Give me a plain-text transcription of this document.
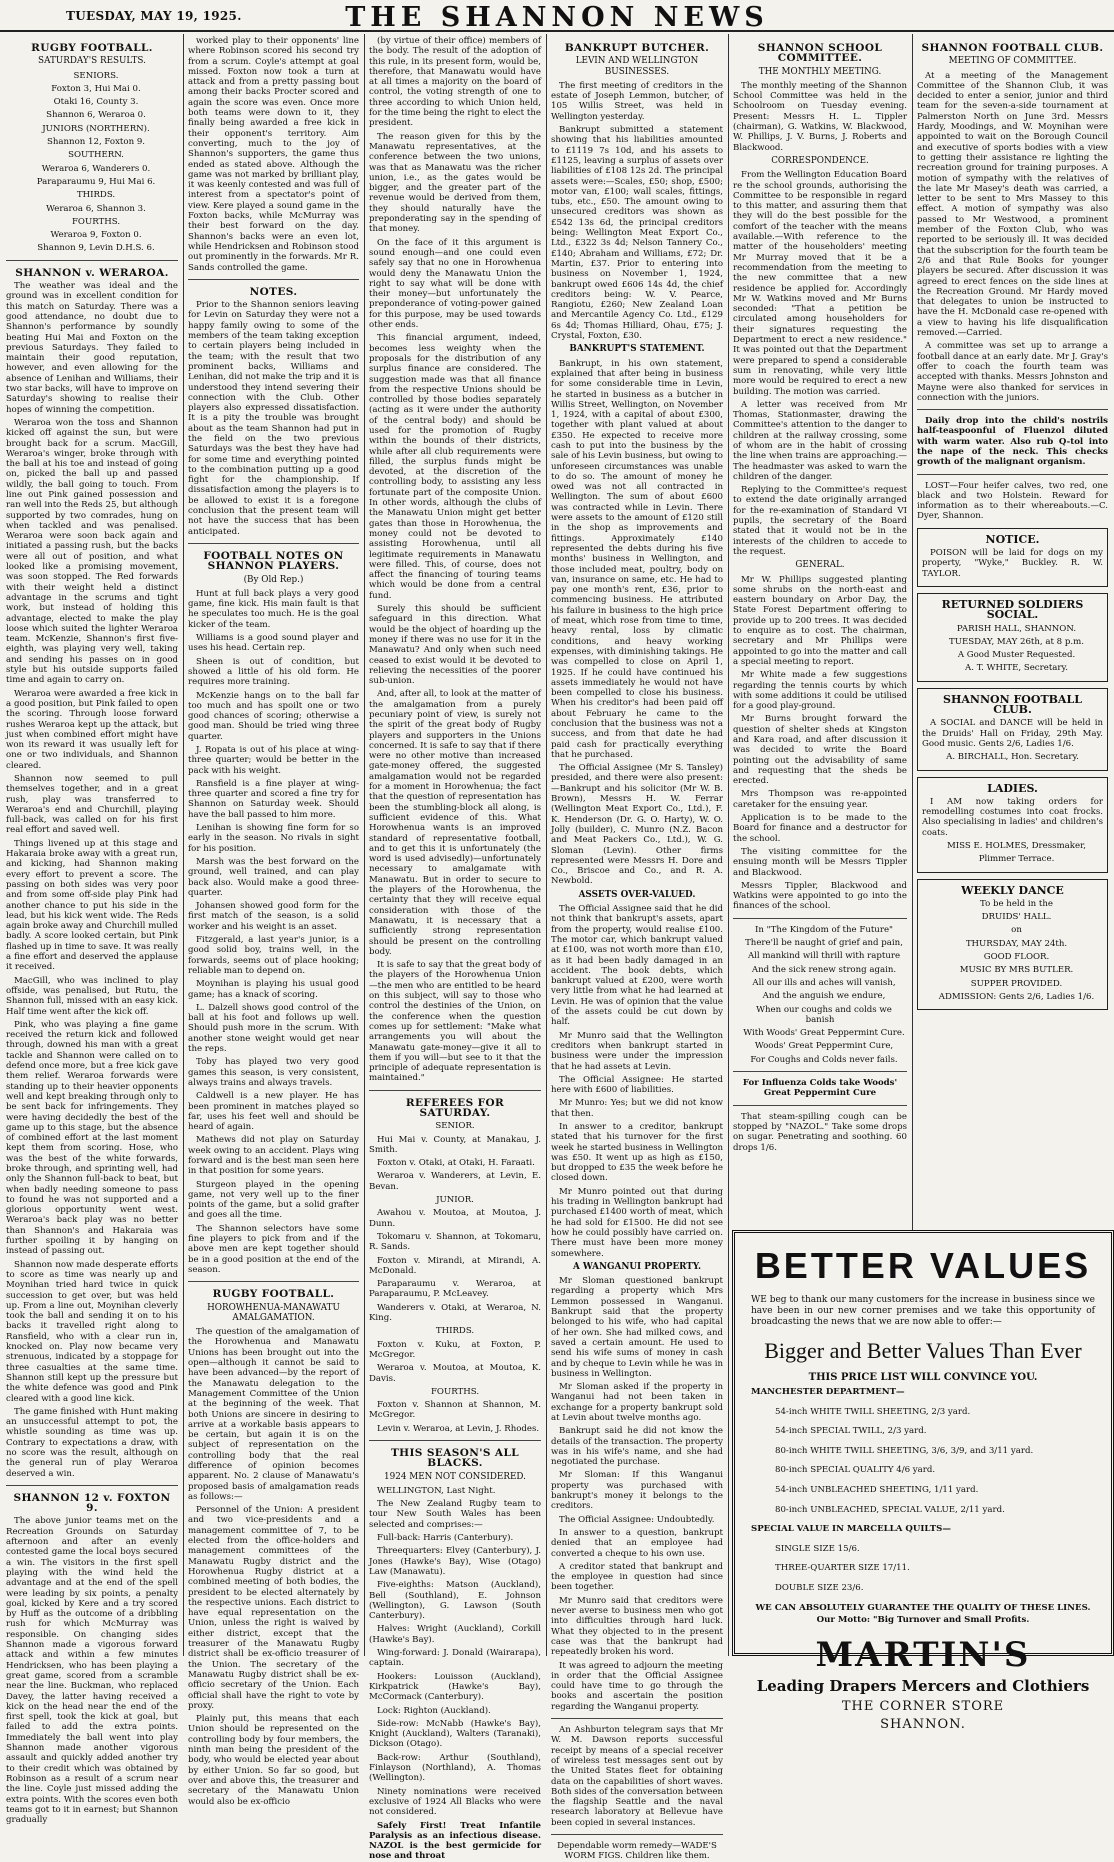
TUESDAY, MAY 19, 1925.	THE SHANNON NEWS
RUGBY FOOTBALL.
SATURDAY'S RESULTS.

SENIORS.

Foxton 3, Hui Mai 0.

Otaki 16, County 3.

Shannon 6, Weraroa 0.

JUNIORS (NORTHERN).

Shannon 12, Foxton 9.

SOUTHERN.

Weraroa 6, Wanderers 0.

Paraparaumu 9, Hui Mai 6.

THIRDS.

Weraroa 6, Shannon 3.

FOURTHS.

Weraroa 9, Foxton 0.

Shannon 9, Levin D.H.S. 6.

SHANNON v. WERAROA.

The weather was ideal and the ground was in excellent condition for this match on Saturday. There was a good attendance, no doubt due to Shannon's performance by soundly beating Hui Mai and Foxton on the previous Saturdays. They failed to maintain their good reputation, however, and even allowing for the absence of Lenihan and Williams, their two star backs, will have to improve on Saturday's showing to realise their hopes of winning the competition.

Weraroa won the toss and Shannon kicked off against the sun, but were brought back for a scrum. MacGill, Weraroa's winger, broke through with the ball at his toe and instead of going on, picked the ball up and passed wildly, the ball going to touch. From line out Pink gained possession and ran well into the Reds 25, but although supported by two comrades, hung on when tackled and was penalised. Weraroa were soon back again and initiated a passing rush, but the backs were all out of position, and what looked like a promising movement, was soon stopped. The Red forwards with their weight held a distinct advantage in the scrums and tight work, but instead of holding this advantage, elected to make the play loose which suited the lighter Weraroa team. McKenzie, Shannon's first five-eighth, was playing very well, taking and sending his passes on in good style but his outside supports failed time and again to carry on.

Weraroa were awarded a free kick in a good position, but Pink failed to open the scoring. Through loose forward rushes Weraroa kept up the attack, but just when combined effort might have won its reward it was usually left for one or two individuals, and Shannon cleared.

Shannon now seemed to pull themselves together, and in a great rush, play was transferred to Weraroa's end and Churchill, playing full-back, was called on for his first real effort and saved well.

Things livened up at this stage and Hakaraia broke away with a great run, and kicking, had Shannon making every effort to prevent a score. The passing on both sides was very poor and from some off-side play Pink had another chance to put his side in the lead, but his kick went wide. The Reds again broke away and Churchill mulled badly. A score looked certain, but Pink flashed up in time to save. It was really a fine effort and deserved the applause it received.

MacGill, who was inclined to play offside, was penalised, but Rutu, the Shannon full, missed with an easy kick. Half time went after the kick off.

Pink, who was playing a fine game received the return kick and followed through, downed his man with a great tackle and Shannon were called on to defend once more, but a free kick gave them relief. Weraroa forwards were standing up to their heavier opponents well and kept breaking through only to be sent back for infringements. They were having decidedly the best of the game up to this stage, but the absence of combined effort at the last moment kept them from scoring. Hose, who was the best of the white forwards, broke through, and sprinting well, had only the Shannon full-back to beat, but when badly needing someone to pass to found he was not supported and a glorious opportunity went west. Weraroa's back play was no better than Shannon's and Hakaraia was further spoiling it by hanging on instead of passing out.

Shannon now made desperate efforts to score as time was nearly up and Moynihan tried hard twice in quick succession to get over, but was held up. From a line out, Moynihan cleverly took the ball and sending it on to his backs it travelled right along to Ransfield, who with a clear run in, knocked on. Play now became very strenuous, indicated by a stoppage for three casualties at the same time. Shannon still kept up the pressure but the white defence was good and Pink cleared with a good line kick.

The game finished with Hunt making an unsuccessful attempt to pot, the whistle sounding as time was up. Contrary to expectations a draw, with no score was the result, although on the general run of play Weraroa deserved a win.

SHANNON 12 v. FOXTON 9.

The above junior teams met on the Recreation Grounds on Saturday afternoon and after an evenly contested game the local boys secured a win. The visitors in the first spell playing with the wind held the advantage and at the end of the spell were leading by six points, a penalty goal, kicked by Kere and a try scored by Huff as the outcome of a dribbling rush for which McMurray was responsible. On changing sides Shannon made a vigorous forward attack and within a few minutes Hendricksen, who has been playing a great game, scored from a scramble near the line. Buckman, who replaced Davey, the latter having received a kick on the head near the end of the first spell, took the kick at goal, but failed to add the extra points. Immediately the ball went into play Shannon made another vigorous assault and quickly added another try to their credit which was obtained by Robinson as a result of a scrum near the line. Coyle just missed adding the extra points. With the scores even both teams got to it in earnest; but Shannon gradually

worked play to their opponents' line where Robinson scored his second try from a scrum. Coyle's attempt at goal missed. Foxton now took a turn at attack and from a pretty passing bout among their backs Procter scored and again the score was even. Once more both teams were down to it, they finally being awarded a free kick in their opponent's territory. Aim converting, much to the joy of Shannon's supporters, the game thus ended as stated above. Although the game was not marked by brilliant play, it was keenly contested and was full of interest from a spectator's point of view. Kere played a sound game in the Foxton backs, while McMurray was their best forward on the day. Shannon's backs were an even lot, while Hendricksen and Robinson stood out prominently in the forwards. Mr R. Sands controlled the game.

NOTES.

Prior to the Shannon seniors leaving for Levin on Saturday they were not a happy family owing to some of the members of the team taking exception to certain players being included in the team; with the result that two prominent backs, Williams and Lenihan, did not make the trip and it is understood they intend severing their connection with the Club. Other players also expressed dissatisfaction. It is a pity the trouble was brought about as the team Shannon had put in the field on the two previous Saturdays was the best they have had for some time and everything pointed to the combination putting up a good fight for the championship. If dissatisfaction among the players is to be allowed to exist it is a foregone conclusion that the present team will not have the success that has been anticipated.

FOOTBALL NOTES ON SHANNON PLAYERS.
(By Old Rep.)

Hunt at full back plays a very good game, fine kick. His main fault is that he speculates too much. He is the goal kicker of the team.

Williams is a good sound player and uses his head. Certain rep.

Sheen is out of condition, but showed a little of his old form. He requires more training.

McKenzie hangs on to the ball far too much and has spoilt one or two good chances of scoring; otherwise a good man. Should be tried wing three quarter.

J. Ropata is out of his place at wing-three quarter; would be better in the pack with his weight.

Ransfield is a fine player at wing-three quarter and scored a fine try for Shannon on Saturday week. Should have the ball passed to him more.

Lenihan is showing fine form for so early in the season. No rivals in sight for his position.

Marsh was the best forward on the ground, well trained, and can play back also. Would make a good three-quarter.

Johansen showed good form for the first match of the season, is a solid worker and his weight is an asset.

Fitzgerald, a last year's junior, is a good solid boy, trains well, in the forwards, seems out of place hooking; reliable man to depend on.

Moynihan is playing his usual good game; has a knack of scoring.

L. Dalzell shows good control of the ball at his foot and follows up well. Should push more in the scrum. With another stone weight would get near the reps.

Toby has played two very good games this season, is very consistent, always trains and always travels.

Caldwell is a new player. He has been prominent in matches played so far, uses his feet well and should be heard of again.

Mathews did not play on Saturday week owing to an accident. Plays wing forward and is the best man seen here in that position for some years.

Sturgeon played in the opening game, not very well up to the finer points of the game, but a solid grafter and goes all the time.

The Shannon selectors have some fine players to pick from and if the above men are kept together should be in a good position at the end of the season.

RUGBY FOOTBALL.
HOROWHENUA-MANAWATU AMALGAMATION.

The question of the amalgamation of the Horowhenua and Manawatu Unions has been brought out into the open—although it cannot be said to have been advanced—by the report of the Manawatu delegation to the Management Committee of the Union at the beginning of the week. That both Unions are sincere in desiring to arrive at a workable basis appears to be certain, but again it is on the subject of representation on the controlling body that the real difference of opinion becomes apparent. No. 2 clause of Manawatu's proposed basis of amalgamation reads as follows:—

Personnel of the Union: A president and two vice-presidents and a management committee of 7, to be elected from the office-holders and management committees of the Manawatu Rugby district and the Horowhenua Rugby district at a combined meeting of both bodies, the president to be elected alternately by the respective unions. Each district to have equal representation on the Union, unless the right is waived by either district, except that the treasurer of the Manawatu Rugby district shall be ex-officio treasurer of the Union. The secretary of the Manawatu Rugby district shall be ex-officio secretary of the Union. Each official shall have the right to vote by proxy.

Plainly put, this means that each Union should be represented on the controlling body by four members, the ninth man being the president of the body, who would be elected year about by either Union. So far so good, but over and above this, the treasurer and secretary of the Manawatu Union would also be ex-officio

(by virtue of their office) members of the body. The result of the adoption of this rule, in its present form, would be, therefore, that Manawatu would have at all times a majority on the board of control, the voting strength of one to three according to which Union held, for the time being the right to elect the president.

The reason given for this by the Manawatu representatives, at the conference between the two unions, was that as Manawatu was the richer union, i.e., as the gates would be bigger, and the greater part of the revenue would be derived from them, they should naturally have the preponderating say in the spending of that money.

On the face of it this argument is sound enough—and one could even safely say that no one in Horowhenua would deny the Manawatu Union the right to say what will be done with their money—but unfortunately the preponderance of voting-power gained for this purpose, may be used towards other ends.

This financial argument, indeed, becomes less weighty when the proposals for the distribution of any surplus finance are considered. The suggestion made was that all finance from the respective Unions should be controlled by those bodies separately (acting as it were under the authority of the central body) and should be used for the promotion of Rugby within the bounds of their districts, while after all club requirements were filled, the surplus funds might be devoted, at the discretion of the controlling body, to assisting any less fortunate part of the composite Union. In other words, although the clubs of the Manawatu Union might get better gates than those in Horowhenua, the money could not be devoted to assisting Horowhenua, until all legitimate requirements in Manawatu were filled. This, of course, does not affect the financing of touring teams which would be done from a central fund.

Surely this should be sufficient safeguard in this direction. What would be the object of hoarding up the money if there was no use for it in the Manawatu? And only when such need ceased to exist would it be devoted to relieving the necessities of the poorer sub-union.

And, after all, to look at the matter of the amalgamation from a purely pecuniary point of view, is surely not the spirit of the great body of Rugby players and supporters in the Unions concerned. It is safe to say that if there were no other motive than increased gate-money offered, the suggested amalgamation would not be regarded for a moment in Horowhenua; the fact that the question of representation has been the stumbling-block all along, is sufficient evidence of this. What Horowhenua wants is an improved standard of representative football, and to get this it is unfortunately (the word is used advisedly)—unfortunately necessary to amalgamate with Manawatu. But in order to secure to the players of the Horowhenua, the certainty that they will receive equal consideration with those of the Manawatu, it is necessary that a sufficiently strong representation should be present on the controlling body.

It is safe to say that the great body of the players of the Horowhenua Union—the men who are entitled to be heard on this subject, will say to those who control the destinies of the Union, on the conference when the question comes up for settlement: "Make what arrangements you will about the Manawatu gate-money—give it all to them if you will—but see to it that the principle of adequate representation is maintained."

REFEREES FOR SATURDAY.

SENIOR.

Hui Mai v. County, at Manakau, J. Smith.

Foxton v. Otaki, at Otaki, H. Faraati.

Weraroa v. Wanderers, at Levin, E. Bevan.

JUNIOR.

Awahou v. Moutoa, at Moutoa, J. Dunn.

Tokomaru v. Shannon, at Tokomaru, R. Sands.

Foxton v. Mirandi, at Mirandi, A. McDonald.

Paraparaumu v. Weraroa, at Paraparaumu, P. McLeavey.

Wanderers v. Otaki, at Weraroa, N. King.

THIRDS.

Foxton v. Kuku, at Foxton, P. McGregor.

Weraroa v. Moutoa, at Moutoa, K. Davis.

FOURTHS.

Foxton v. Shannon at Shannon, M. McGregor.

Levin v. Weraroa, at Levin, J. Rhodes.

THIS SEASON'S ALL BLACKS.
1924 MEN NOT CONSIDERED.

WELLINGTON, Last Night.

The New Zealand Rugby team to tour New South Wales has been selected and comprises:—

Full-back: Harris (Canterbury).

Threequarters: Elvey (Canterbury), J. Jones (Hawke's Bay), Wise (Otago) Law (Manawatu).

Five-eighths: Matson (Auckland), Bell (Southland), E. Johnson (Wellington), G. Lawson (South Canterbury).

Halves: Wright (Auckland), Corkill (Hawke's Bay).

Wing-forward: J. Donald (Wairarapa), captain.

Hookers: Louisson (Auckland), Kirkpatrick (Hawke's Bay), McCormack (Canterbury).

Lock: Righton (Auckland).

Side-row: McNabb (Hawke's Bay), Knight (Auckland), Walters (Taranaki), Dickson (Otago).

Back-row: Arthur (Southland), Finlayson (Northland), A. Thomas (Wellington).

Ninety nominations were received exclusive of 1924 All Blacks who were not considered.

Safely First! Treat Infantile Paralysis as an infectious disease. NAZOL is the best germicide for nose and throat

BANKRUPT BUTCHER.
LEVIN AND WELLINGTON BUSINESSES.

The first meeting of creditors in the estate of Joseph Lemmon, butcher, of 105 Willis Street, was held in Wellington yesterday.

Bankrupt submitted a statement showing that his liabilities amounted to £1119 7s 10d, and his assets to £1125, leaving a surplus of assets over liabilities of £108 12s 2d. The principal assets were:—Scales, £50; shop, £500; motor van, £100; wall scales, fittings, tubs, etc., £50. The amount owing to unsecured creditors was shown as £542 13s 6d, the principal creditors being: Wellington Meat Export Co., Ltd., £322 3s 4d; Nelson Tannery Co., £140; Abraham and Williams, £72; Dr. Martin, £37. Prior to entering into business on November 1, 1924, bankrupt owed £606 14s 4d, the chief creditors being: W. V. Pearce, Rangiotu, £260; New Zealand Loan and Mercantile Agency Co. Ltd., £129 6s 4d; Thomas Hilliard, Ohau, £75; J. Crystal, Foxton, £30.

BANKRUPT'S STATEMENT.

Bankrupt, in his own statement, explained that after being in business for some considerable time in Levin, he started in business as a butcher in Willis Street, Wellington, on November 1, 1924, with a capital of about £300, together with plant valued at about £350. He expected to receive more cash to put into the business by the sale of his Levin business, but owing to unforeseen circumstances was unable to do so. The amount of money he owed was not all contracted in Wellington. The sum of about £600 was contracted while in Levin. There were assets to the amount of £120 still in the shop as improvements and fittings. Approximately £140 represented the debts during his five months' business in Wellington, and those included meat, poultry, body on van, insurance on same, etc. He had to pay one month's rent, £36, prior to commencing business. He attributed his failure in business to the high price of meat, which rose from time to time, heavy rental, loss by climatic conditions, and heavy working expenses, with diminishing takings. He was compelled to close on April 1, 1925. If he could have continued his assets immediately he would not have been compelled to close his business. When his creditor's had been paid off about February he came to the conclusion that the business was not a success, and from that date he had paid cash for practically everything that he purchased.

The Official Assignee (Mr S. Tansley) presided, and there were also present:—Bankrupt and his solicitor (Mr W. B. Brown), Messrs H. W. Ferrar (Wellington Meat Export Co., Ltd.), F. K. Henderson (Dr. G. O. Harty), W. O. Jolly (builder), C. Munro (N.Z. Bacon and Meat Packers Co., Ltd.), W. G. Sloman (Levin). Other firms represented were Messrs H. Dore and Co., Briscoe and Co., and R. A. Newbold.

ASSETS OVER-VALUED.

The Official Assignee said that he did not think that bankrupt's assets, apart from the property, would realise £100. The motor car, which bankrupt valued at £100, was not worth more than £10, as it had been badly damaged in an accident. The book debts, which bankrupt valued at £200, were worth very little from what he had learned at Levin. He was of opinion that the value of the assets could be cut down by half.

Mr Munro said that the Wellington creditors when bankrupt started in business were under the impression that he had assets at Levin.

The Official Assignee: He started here with £600 of liabilities.

Mr Munro: Yes; but we did not know that then.

In answer to a creditor, bankrupt stated that his turnover for the first week he started business in Wellington was £50. It went up as high as £150, but dropped to £35 the week before he closed down.

Mr Munro pointed out that during his trading in Wellington bankrupt had purchased £1400 worth of meat, which he had sold for £1500. He did not see how he could possibly have carried on. There must have been more money somewhere.

A WANGANUI PROPERTY.

Mr Sloman questioned bankrupt regarding a property which Mrs Lemmon possessed in Wanganui. Bankrupt said that the property belonged to his wife, who had capital of her own. She had milked cows, and saved a certain amount. He used to send his wife sums of money in cash and by cheque to Levin while he was in business in Wellington.

Mr Sloman asked if the property in Wanganui had not been taken in exchange for a property bankrupt sold at Levin about twelve months ago.

Bankrupt said he did not know the details of the transaction. The property was in his wife's name, and she had negotiated the purchase.

Mr Sloman: If this Wanganui property was purchased with bankrupt's money it belongs to the creditors.

The Official Assignee: Undoubtedly.

In answer to a question, bankrupt denied that an employee had converted a cheque to his own use.

A creditor stated that bankrupt and the employee in question had since been together.

Mr Munro said that creditors were never averse to business men who got into difficulties through hard luck. What they objected to in the present case was that the bankrupt had repeatedly broken his word.

It was agreed to adjourn the meeting in order that the Official Assignee could have time to go through the books and ascertain the position regarding the Wanganui property.

An Ashburton telegram says that Mr W. M. Dawson reports successful receipt by means of a special receiver of wireless test messages sent out by the United States fleet for obtaining data on the capabilities of short waves. Both sides of the conversation between the flagship Seattle and the naval research laboratory at Bellevue have been copied in several instances.

Dependable worm remedy—WADE'S WORM FIGS. Children like them.

SHANNON SCHOOL COMMITTEE.
THE MONTHLY MEETING.

The monthly meeting of the Shannon School Committee was held in the Schoolroom on Tuesday evening. Present: Messrs H. L. Tippler (chairman), G. Watkins, W. Blackwood, W. Phillips, J. V. Burns, J. Roberts and Blackwood.

CORRESPONDENCE.

From the Wellington Education Board re the school grounds, authorising the Committee to be responsible in regard to this matter, and assuring them that they will do the best possible for the comfort of the teacher with the means available.—With reference to the matter of the householders' meeting Mr Murray moved that it be a recommendation from the meeting to the new committee that a new residence be applied for. Accordingly Mr W. Watkins moved and Mr Burns seconded: "That a petition be circulated among householders for their signatures requesting the Department to erect a new residence." It was pointed out that the Department were prepared to spend a considerable sum in renovating, while very little more would be required to erect a new building. The motion was carried.

A letter was received from Mr Thomas, Stationmaster, drawing the Committee's attention to the danger to children at the railway crossing, some of whom are in the habit of crossing the line when trains are approaching.—The headmaster was asked to warn the children of the danger.

Replying to the Committee's request to extend the date originally arranged for the re-examination of Standard VI pupils, the secretary of the Board stated that it would not be in the interests of the children to accede to the request.

GENERAL.

Mr W. Phillips suggested planting some shrubs on the north-east and eastern boundary on Arbor Day, the State Forest Department offering to provide up to 200 trees. It was decided to enquire as to cost. The chairman, secretary and Mr Phillips were appointed to go into the matter and call a special meeting to report.

Mr White made a few suggestions regarding the tennis courts by which with some additions it could be utilised for a good play-ground.

Mr Burns brought forward the question of shelter sheds at Kingston and Kara road, and after discussion it was decided to write the Board pointing out the advisability of same and requesting that the sheds be erected.

Mrs Thompson was re-appointed caretaker for the ensuing year.

Application is to be made to the Board for finance and a destructor for the school.

The visiting committee for the ensuing month will be Messrs Tippler and Blackwood.

Messrs Tippler, Blackwood and Watkins were appointed to go into the finances of the school.

In "The Kingdom of the Future"

There'll be naught of grief and pain,

All mankind will thrill with rapture

And the sick renew strong again.

All our ills and aches will vanish,

And the anguish we endure,

When our coughs and colds we banish

With Woods' Great Peppermint Cure.

Woods' Great Peppermint Cure,

For Coughs and Colds never fails.

For Influenza Colds take Woods' Great Peppermint Cure

That steam-spilling cough can be stopped by "NAZOL." Take some drops on sugar. Penetrating and soothing. 60 drops 1/6.

SHANNON FOOTBALL CLUB.
MEETING OF COMMITTEE.

At a meeting of the Management Committee of the Shannon Club, it was decided to enter a senior, junior and third team for the seven-a-side tournament at Palmerston North on June 3rd. Messrs Hardy, Moodings, and W. Moynihan were appointed to wait on the Borough Council and executive of sports bodies with a view to getting their assistance re lighting the recreation ground for training purposes. A motion of sympathy with the relatives of the late Mr Masey's death was carried, a letter to be sent to Mrs Massey to this effect. A motion of sympathy was also passed to Mr Westwood, a prominent member of the Foxton Club, who was reported to be seriously ill. It was decided that the subscription for the fourth team be 2/6 and that Rule Books for younger players be secured. After discussion it was agreed to erect fences on the side lines at the Recreation Ground. Mr Hardy moved that delegates to union be instructed to have the H. McDonald case re-opened with a view to having his life disqualification removed.—Carried.

A committee was set up to arrange a football dance at an early date. Mr J. Gray's offer to coach the fourth team was accepted with thanks. Messrs Johnston and Mayne were also thanked for services in connection with the juniors.

Daily drop into the child's nostrils half-teaspoonful of Fluenzol diluted with warm water. Also rub Q-tol into the nape of the neck. This checks growth of the malignant organism.

LOST—Four heifer calves, two red, one black and two Holstein. Reward for information as to their whereabouts.—C. Dyer, Shannon.

NOTICE.

POISON will be laid for dogs on my property, "Wyke," Buckley. R. W. TAYLOR.

RETURNED SOLDIERS SOCIAL.

PARISH HALL, SHANNON.

TUESDAY, MAY 26th, at 8 p.m.

A Good Muster Requested.

A. T. WHITE, Secretary.

SHANNON FOOTBALL CLUB.

A SOCIAL and DANCE will be held in the Druids' Hall on Friday, 29th May. Good music. Gents 2/6, Ladies 1/6.

A. BIRCHALL, Hon. Secretary.

LADIES.

I AM now taking orders for remodelling costumes into coat frocks. Also specialising in ladies' and children's coats.

MISS E. HOLMES, Dressmaker,

Plimmer Terrace.

WEEKLY DANCE

To be held in the

DRUIDS' HALL.

on

THURSDAY, MAY 24th.

GOOD FLOOR.

MUSIC BY MRS BUTLER.

SUPPER PROVIDED.

ADMISSION: Gents 2/6, Ladies 1/6.

BETTER VALUES

WE beg to thank our many customers for the increase in business since we have been in our new corner premises and we take this opportunity of broadcasting the news that we are now able to offer:—

Bigger and Better Values Than Ever
THIS PRICE LIST WILL CONVINCE YOU.
MANCHESTER DEPARTMENT—

54-inch WHITE TWILL SHEETING, 2/3 yard.

54-inch SPECIAL TWILL, 2/3 yard.

80-inch WHITE TWILL SHEETING, 3/6, 3/9, and 3/11 yard.

80-inch SPECIAL QUALITY 4/6 yard.

54-inch UNBLEACHED SHEETING, 1/11 yard.

80-inch UNBLEACHED, SPECIAL VALUE, 2/11 yard.

SPECIAL VALUE IN MARCELLA QUILTS—

SINGLE SIZE 15/6.

THREE-QUARTER SIZE 17/11.

DOUBLE SIZE 23/6.

WE CAN ABSOLUTELY GUARANTEE THE QUALITY OF THESE LINES.
Our Motto: "Big Turnover and Small Profits.
MARTIN'S
Leading Drapers Mercers and Clothiers
THE CORNER STORE
SHANNON.
